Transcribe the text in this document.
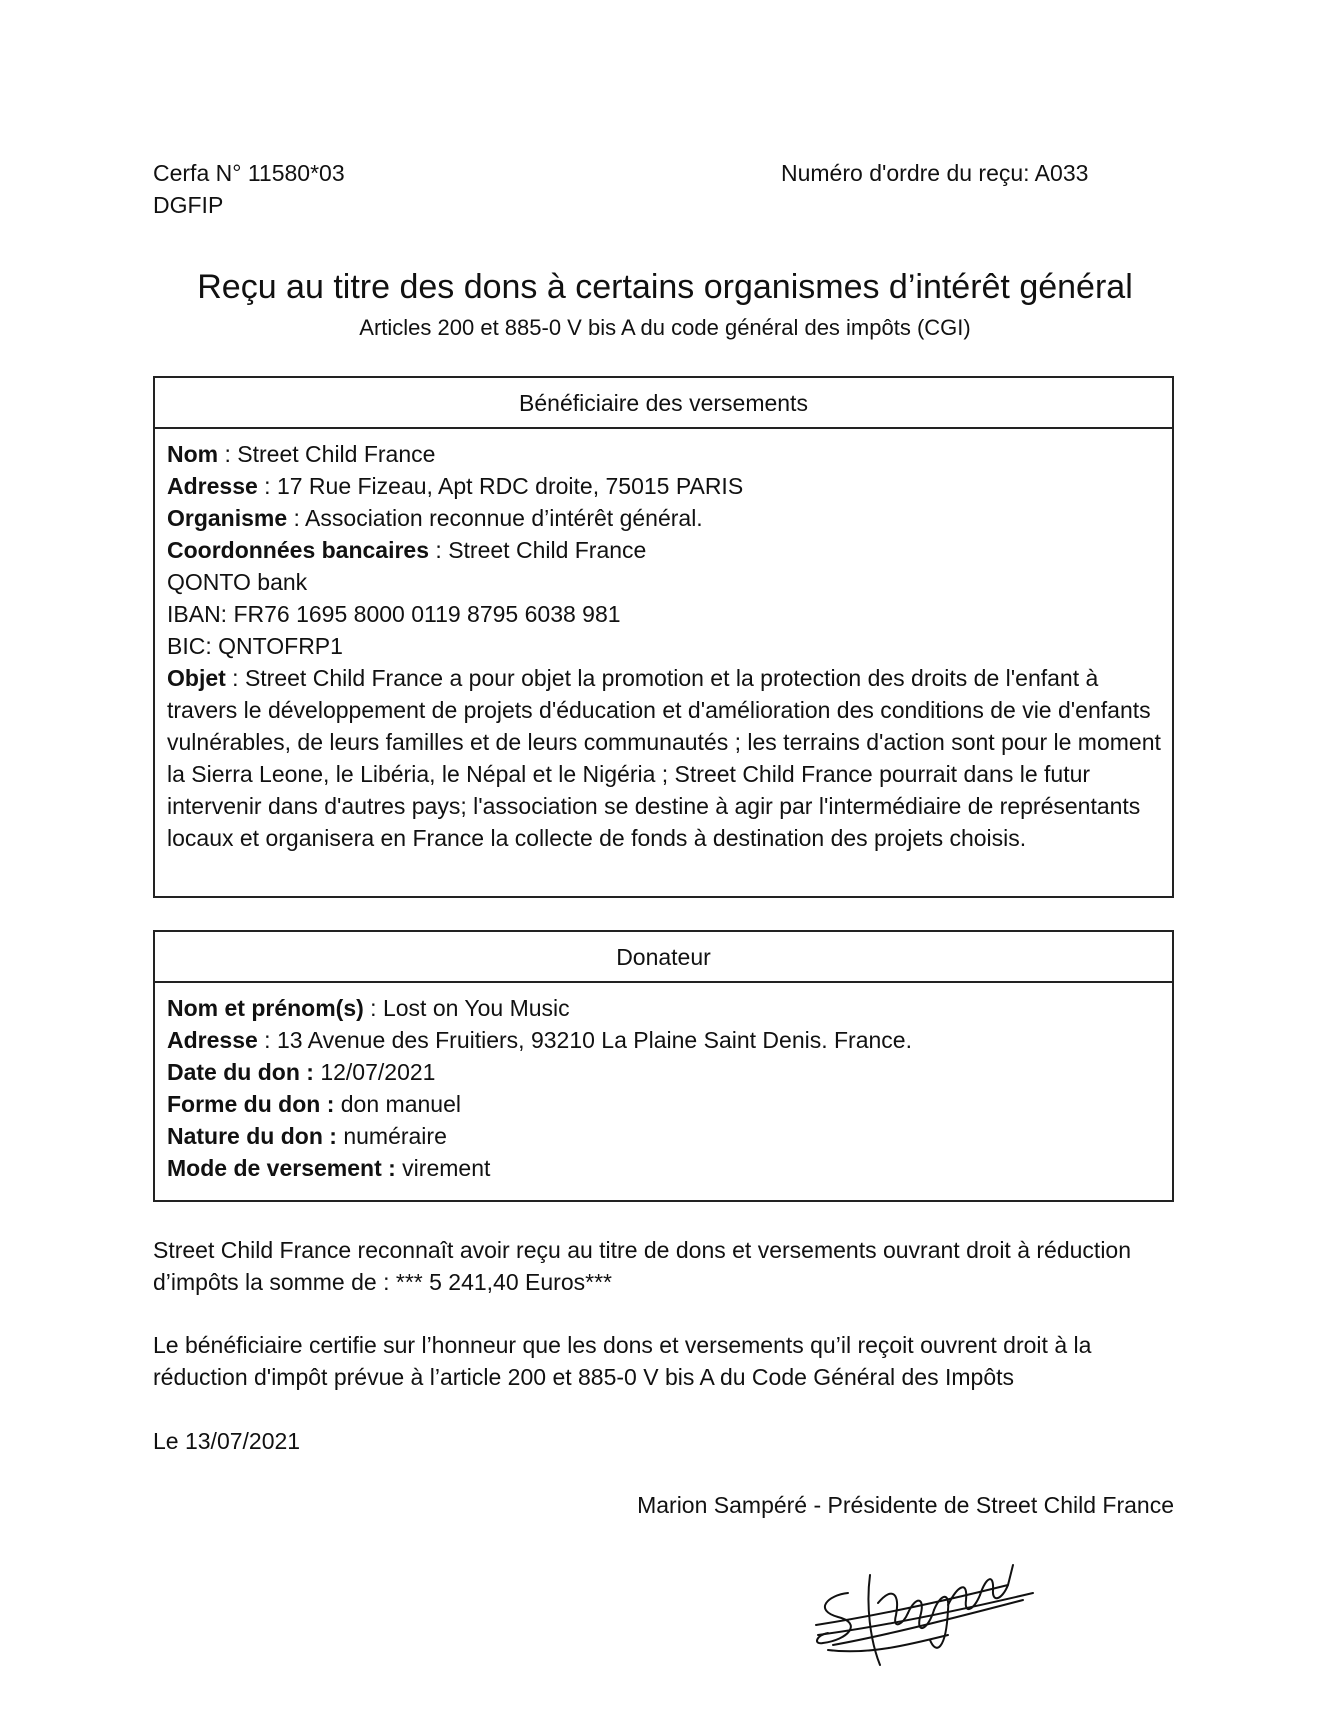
Cerfa N° 11580*03
DGFIP
Numéro d'ordre du reçu: A033
Reçu au titre des dons à certains organismes d’intérêt général
Articles 200 et 885-0 V bis A du code général des impôts (CGI)
Bénéficiaire des versements
Nom : Street Child France
Adresse : 17 Rue Fizeau, Apt RDC droite, 75015 PARIS
Organisme : Association reconnue d’intérêt général.
Coordonnées bancaires : Street Child France
QONTO bank
IBAN: FR76 1695 8000 0119 8795 6038 981
BIC: QNTOFRP1
Objet : Street Child France a pour objet la promotion et la protection des droits de l'enfant à travers le développement de projets d'éducation et d'amélioration des conditions de vie d'enfants vulnérables, de leurs familles et de leurs communautés ; les terrains d'action sont pour le moment la Sierra Leone, le Libéria, le Népal et le Nigéria ; Street Child France pourrait dans le futur intervenir dans d'autres pays; l'association se destine à agir par l'intermédiaire de représentants locaux et organisera en France la collecte de fonds à destination des projets choisis.
Donateur
Nom et prénom(s) : Lost on You Music
Adresse : 13 Avenue des Fruitiers, 93210 La Plaine Saint Denis. France.
Date du don : 12/07/2021
Forme du don : don manuel
Nature du don : numéraire
Mode de versement : virement
Street Child France reconnaît avoir reçu au titre de dons et versements ouvrant droit à réduction d’impôts la somme de : *** 5 241,40 Euros***
Le bénéficiaire certifie sur l’honneur que les dons et versements qu’il reçoit ouvrent droit à la réduction d'impôt prévue à l’article 200 et 885-0 V bis A du Code Général des Impôts
Le 13/07/2021
Marion Sampéré - Présidente de Street Child France
